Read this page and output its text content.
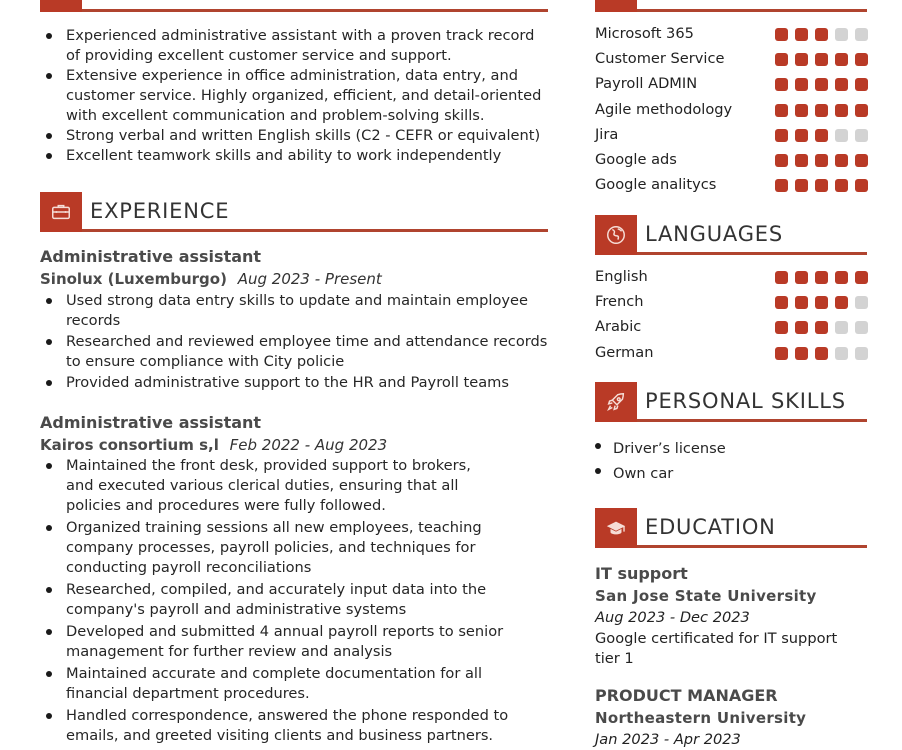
Experienced administrative assistant with a proven track record of providing excellent customer service and support.
Extensive experience in office administration, data entry, and customer service. Highly organized, efficient, and detail-oriented with excellent communication and problem-solving skills.
Strong verbal and written English skills (C2 - CEFR or equivalent)
Excellent teamwork skills and ability to work independently
EXPERIENCE
Administrative assistant
Sinolux (Luxemburgo) Aug 2023 - Present
Used strong data entry skills to update and maintain employee records
Researched and reviewed employee time and attendance records to ensure compliance with City policie
Provided administrative support to the HR and Payroll teams
Administrative assistant
Kairos consortium s,l Feb 2022 - Aug 2023
Maintained the front desk, provided support to brokers, and executed various clerical duties, ensuring that all policies and procedures were fully followed.
Organized training sessions all new employees, teaching company processes, payroll policies, and techniques for conducting payroll reconciliations
Researched, compiled, and accurately input data into the company's payroll and administrative systems
Developed and submitted 4 annual payroll reports to senior management for further review and analysis
Maintained accurate and complete documentation for all financial department procedures.
Handled correspondence, answered the phone responded to emails, and greeted visiting clients and business partners.
Microsoft 365
Customer Service
Payroll ADMIN
Agile methodology
Jira
Google ads
Google analitycs
LANGUAGES
English
French
Arabic
German
PERSONAL SKILLS
Driver’s license
Own car
EDUCATION
IT support
San Jose State University
Aug 2023 - Dec 2023
Google certificated for IT support tier 1
PRODUCT MANAGER
Northeastern University
Jan 2023 - Apr 2023
